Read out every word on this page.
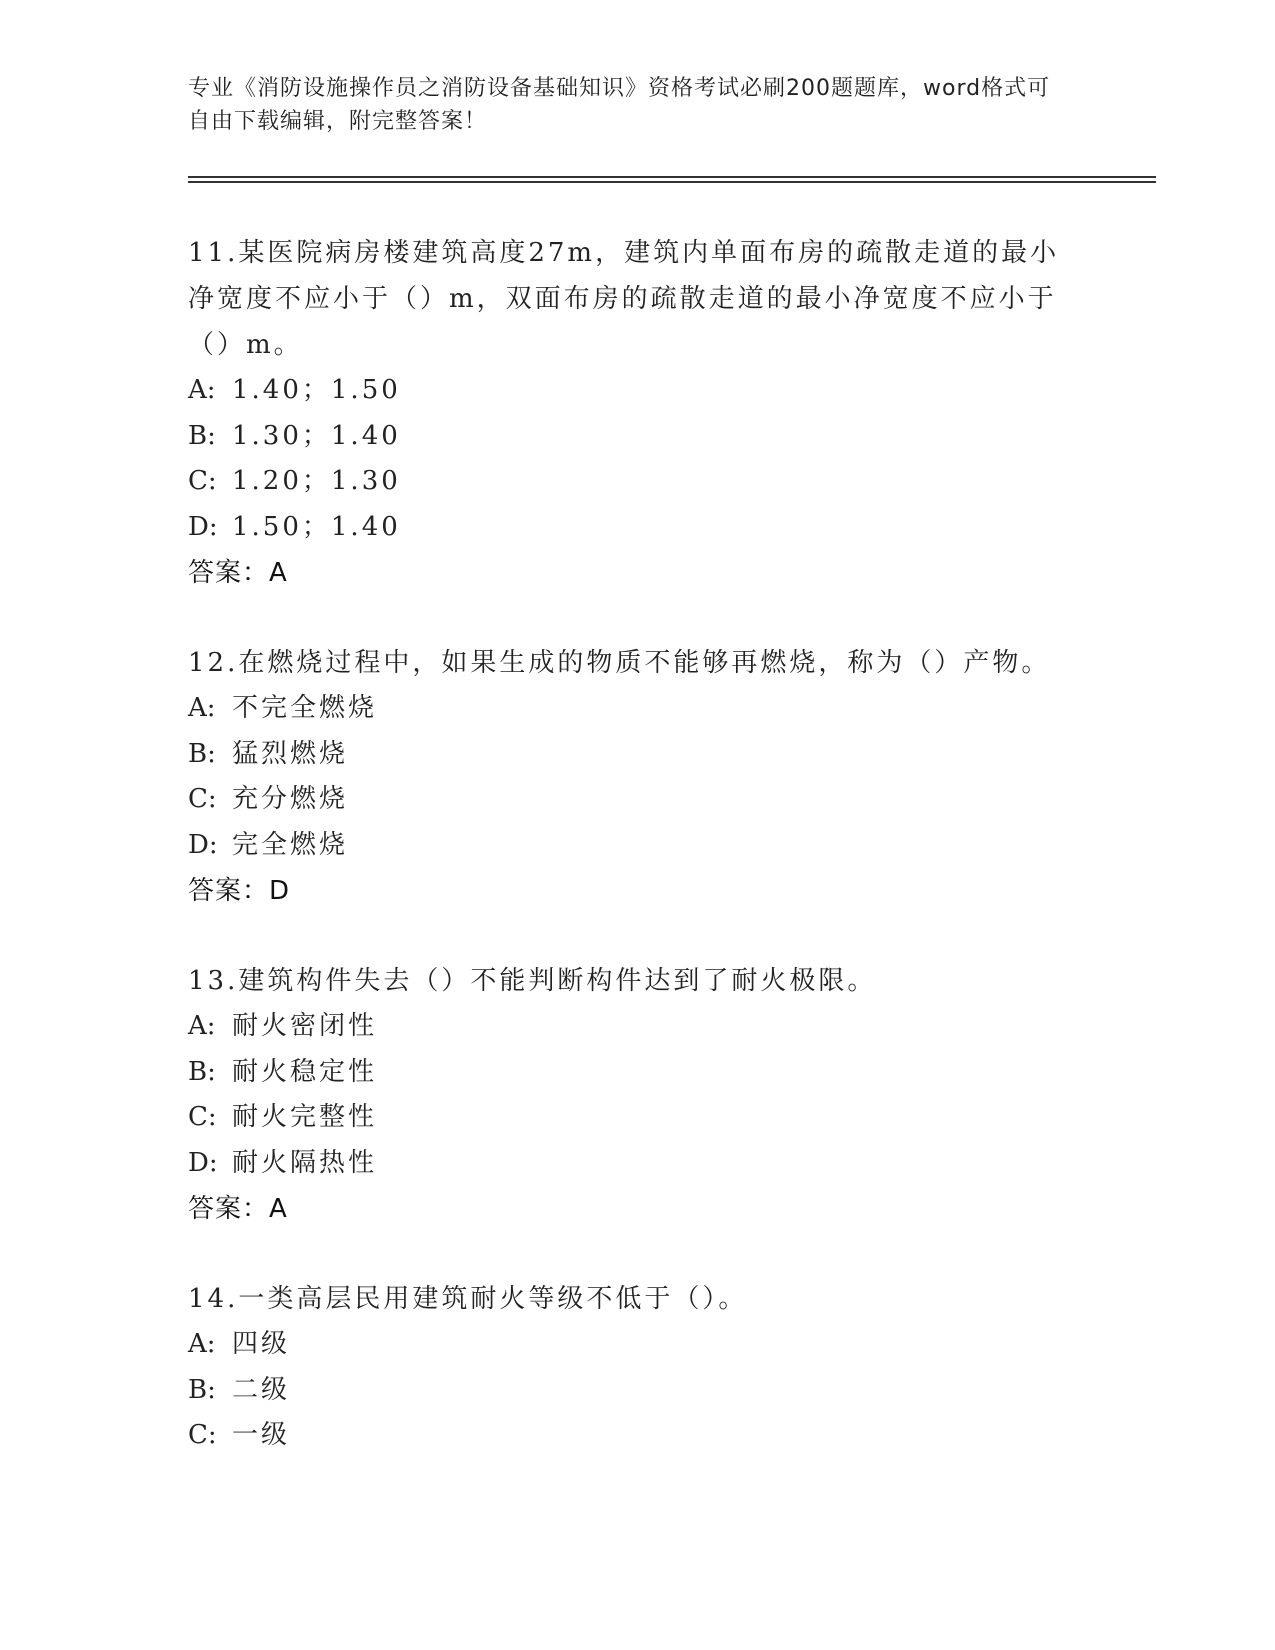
专业《消防设施操作员之消防设备基础知识》资格考试必刷200题题库，word格式可自由下载编辑，附完整答案！
11.某医院病房楼建筑高度27m，建筑内单面布房的疏散走道的最小净宽度不应小于（）m，双面布房的疏散走道的最小净宽度不应小于（）m。
A: 1.40；1.50
B: 1.30；1.40
C: 1.20；1.30
D: 1.50；1.40
答案：A
12.在燃烧过程中，如果生成的物质不能够再燃烧，称为（）产物。
A: 不完全燃烧
B: 猛烈燃烧
C: 充分燃烧
D: 完全燃烧
答案：D
13.建筑构件失去（）不能判断构件达到了耐火极限。
A: 耐火密闭性
B: 耐火稳定性
C: 耐火完整性
D: 耐火隔热性
答案：A
14.一类高层民用建筑耐火等级不低于（）。
A: 四级
B: 二级
C: 一级
